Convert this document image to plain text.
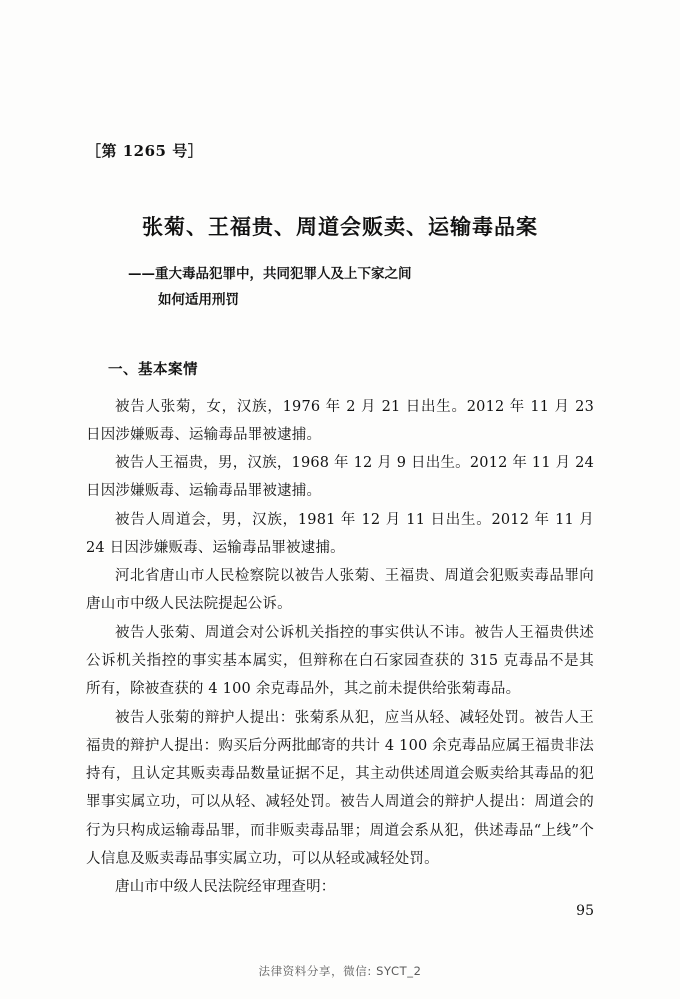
［第 1265 号］
张菊、王福贵、周道会贩卖、运输毒品案
——重大毒品犯罪中，共同犯罪人及上下家之间
如何适用刑罚
一、基本案情

被告人张菊，女，汉族，1976 年 2 月 21 日出生。2012 年 11 月 23 日因涉嫌贩毒、运输毒品罪被逮捕。

被告人王福贵，男，汉族，1968 年 12 月 9 日出生。2012 年 11 月 24 日因涉嫌贩毒、运输毒品罪被逮捕。

被告人周道会，男，汉族，1981 年 12 月 11 日出生。2012 年 11 月 24 日因涉嫌贩毒、运输毒品罪被逮捕。

河北省唐山市人民检察院以被告人张菊、王福贵、周道会犯贩卖毒品罪向唐山市中级人民法院提起公诉。

被告人张菊、周道会对公诉机关指控的事实供认不讳。被告人王福贵供述公诉机关指控的事实基本属实，但辩称在白石家园查获的 315 克毒品不是其所有，除被查获的 4 100 余克毒品外，其之前未提供给张菊毒品。

被告人张菊的辩护人提出：张菊系从犯，应当从轻、减轻处罚。被告人王福贵的辩护人提出：购买后分两批邮寄的共计 4 100 余克毒品应属王福贵非法持有，且认定其贩卖毒品数量证据不足，其主动供述周道会贩卖给其毒品的犯罪事实属立功，可以从轻、减轻处罚。被告人周道会的辩护人提出：周道会的行为只构成运输毒品罪，而非贩卖毒品罪；周道会系从犯，供述毒品“上线”个人信息及贩卖毒品事实属立功，可以从轻或减轻处罚。

唐山市中级人民法院经审理查明：

95
法律资料分享，微信: SYCT_2
